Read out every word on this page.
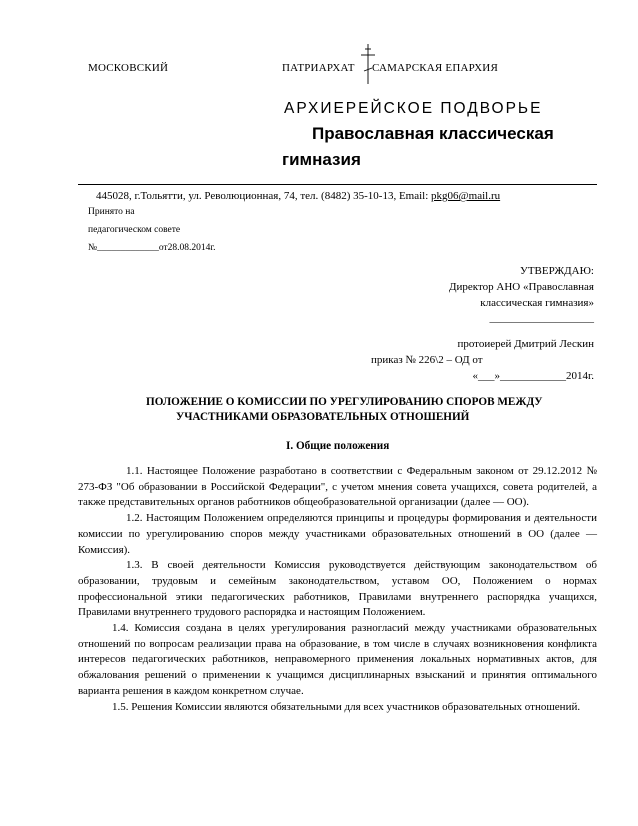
МОСКОВСКИЙ	ПАТРИАРХАТ САМАРСКАЯ ЕПАРХИЯ
АРХИЕРЕЙСКОЕ ПОДВОРЬЕ
Православная классическая
гимназия
445028, г.Тольятти, ул. Революционная, 74, тел. (8482) 35-10-13, Email: pkg06@mail.ru
Принято на
педагогическом совете
№_____________от28.08.2014г.
УТВЕРЖДАЮ:
Директор АНО «Православная
классическая гимназия»
___________________
протоиерей Дмитрий Лескин
приказ № 226\2 – ОД от
«___»____________2014г.
ПОЛОЖЕНИЕ О КОМИССИИ ПО УРЕГУЛИРОВАНИЮ СПОРОВ МЕЖДУ
УЧАСТНИКАМИ ОБРАЗОВАТЕЛЬНЫХ ОТНОШЕНИЙ
I. Общие положения

1.1. Настоящее Положение разработано в соответствии с Федеральным законом от 29.12.2012 № 273-ФЗ "Об образовании в Российской Федерации", с учетом мнения совета учащихся, совета родителей, а также представительных органов работников общеобразовательной организации (далее — ОО).

1.2. Настоящим Положением определяются принципы и процедуры формирования и деятельности комиссии по урегулированию споров между участниками образовательных отношений в ОО (далее — Комиссия).

1.3. В своей деятельности Комиссия руководствуется действующим законодательством об образовании, трудовым и семейным законодательством, уставом ОО, Положением о нормах профессиональной этики педагогических работников, Правилами внутреннего распорядка учащихся, Правилами внутреннего трудового распорядка и настоящим Положением.

1.4. Комиссия создана в целях урегулирования разногласий между участниками образовательных отношений по вопросам реализации права на образование, в том числе в случаях возникновения конфликта интересов педагогических работников, неправомерного применения локальных нормативных актов, для обжалования решений о применении к учащимся дисциплинарных взысканий и принятия оптимального варианта решения в каждом конкретном случае.

1.5. Решения Комиссии являются обязательными для всех участников образовательных отношений.
